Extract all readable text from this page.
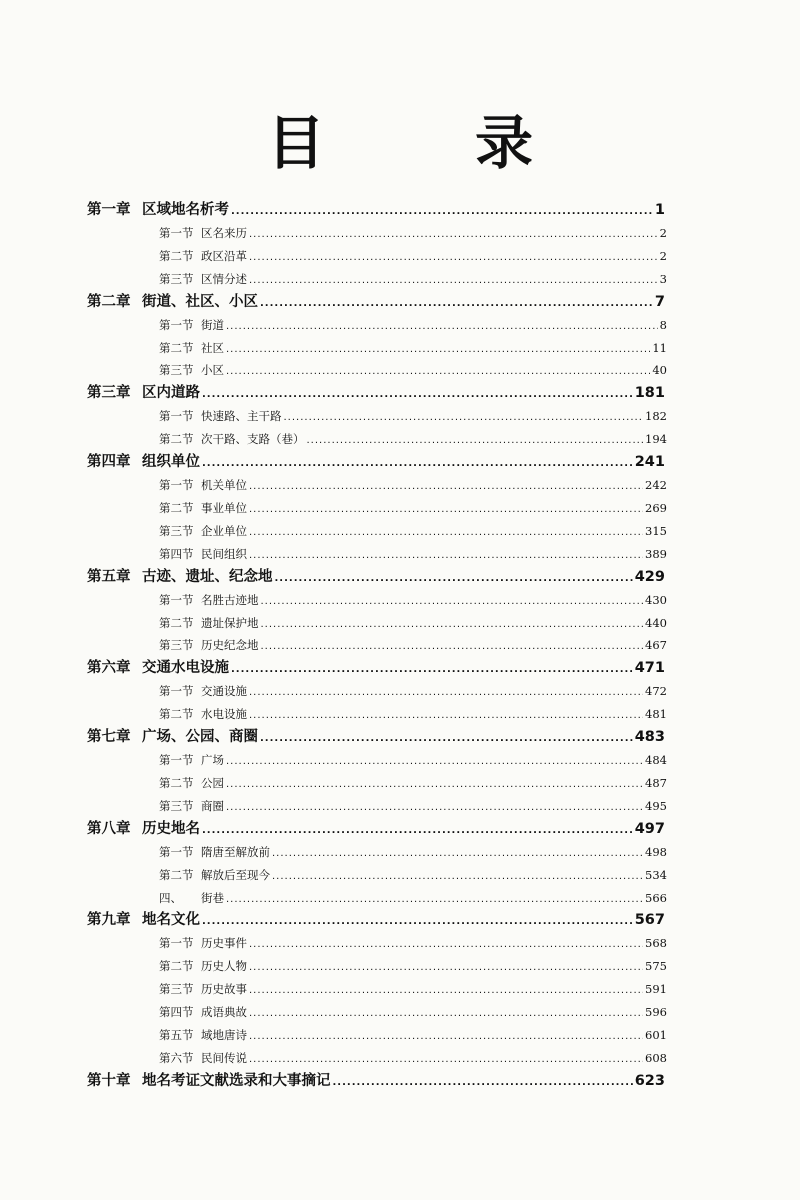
目　录
第一章 区域地名析考 .....	1
第一节 区名来历 .....	2
第二节 政区沿革 .....	2
第三节 区情分述 .....	3
第二章 街道、社区、小区 .....	7
第一节 街道 .....	8
第二节 社区 .....	11
第三节 小区 .....	40
第三章 区内道路 .....	181
第一节 快速路、主干路 .....	182
第二节 次干路、支路（巷） .....	194
第四章 组织单位 .....	241
第一节 机关单位 .....	242
第二节 事业单位 .....	269
第三节 企业单位 .....	315
第四节 民间组织 .....	389
第五章 古迹、遗址、纪念地 .....	429
第一节 名胜古迹地 .....	430
第二节 遗址保护地 .....	440
第三节 历史纪念地 .....	467
第六章 交通水电设施 .....	471
第一节 交通设施 .....	472
第二节 水电设施 .....	481
第七章 广场、公园、商圈 .....	483
第一节 广场 .....	484
第二节 公园 .....	487
第三节 商圈 .....	495
第八章 历史地名 .....	497
第一节 隋唐至解放前 .....	498
第二节 解放后至现今 .....	534
四、	街巷 .....	566
第九章 地名文化 .....	567
第一节 历史事件 .....	568
第二节 历史人物 .....	575
第三节 历史故事 .....	591
第四节 成语典故 .....	596
第五节 域地唐诗 .....	601
第六节 民间传说 .....	608
第十章 地名考证文献选录和大事摘记 .....	623
